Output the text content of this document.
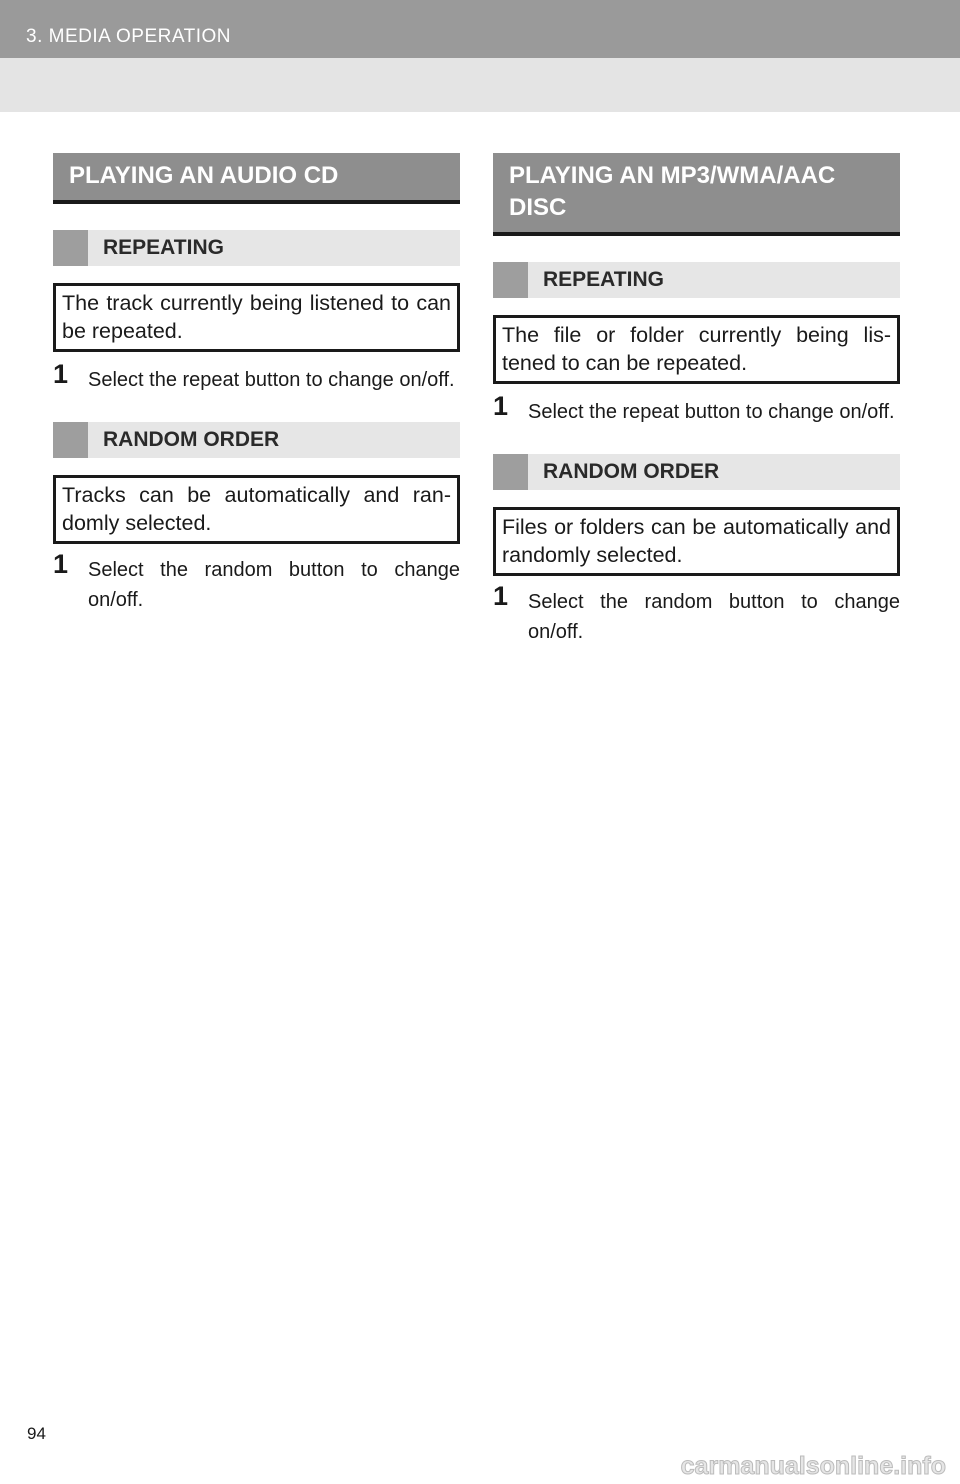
3. MEDIA OPERATION
PLAYING AN AUDIO CD
REPEATING
The track currently being listened to can be repeated.
1 Select the repeat button to change on/off.
RANDOM ORDER
Tracks can be automatically and ran- domly selected.
1 Select the random button to change on/off.
PLAYING AN MP3/WMA/AAC DISC
REPEATING
The file or folder currently being lis- tened to can be repeated.
1 Select the repeat button to change on/off.
RANDOM ORDER
Files or folders can be automatically and randomly selected.
1 Select the random button to change on/off.
94
carmanualsonline.info
